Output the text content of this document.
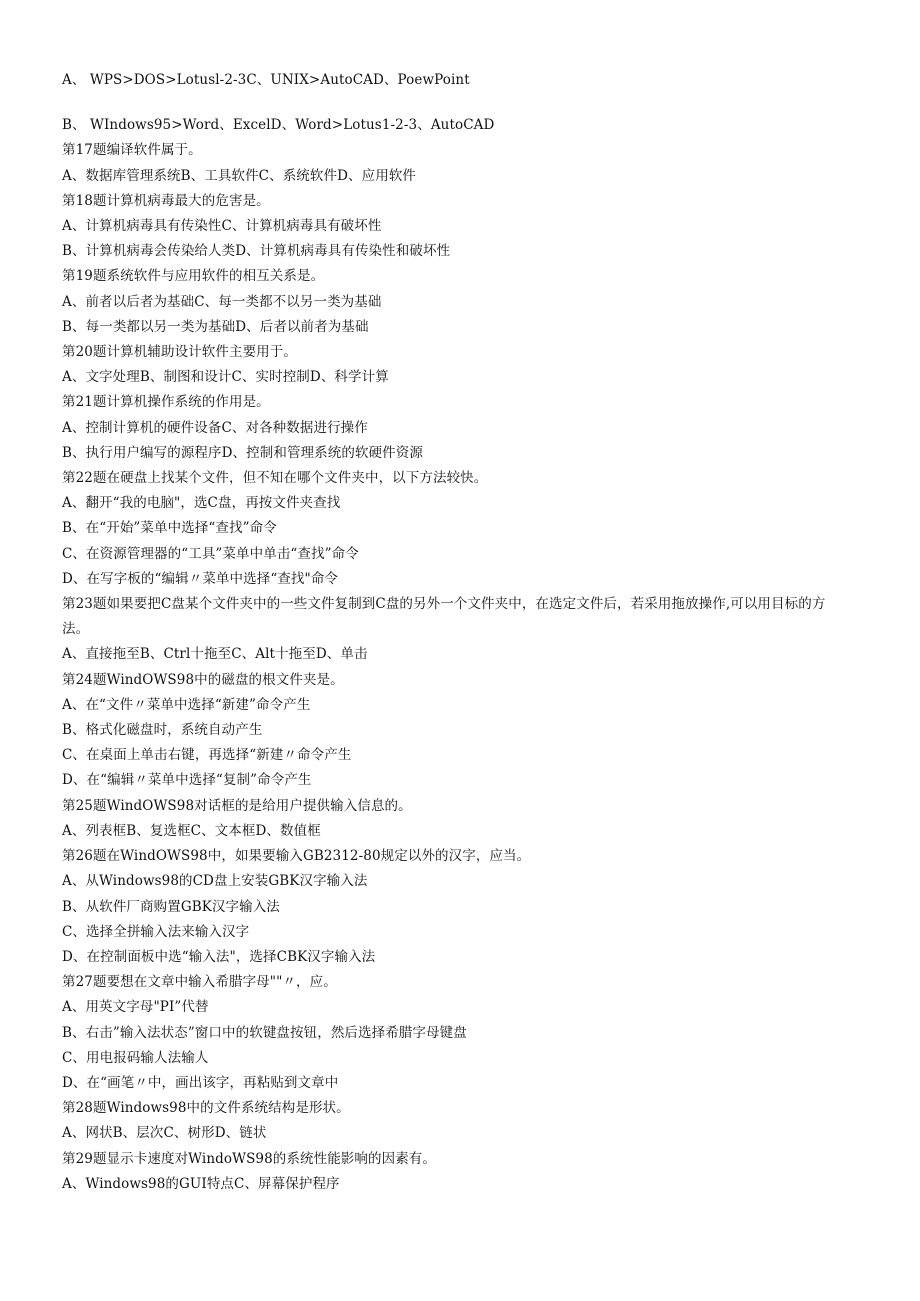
A、 WPS>DOS>Lotusl-2-3C、UNIX>AutoCAD、PoewPoint
B、 WIndows95>Word、ExcelD、Word>Lotus1-2-3、AutoCAD
第17题编译软件属于。
A、数据库管理系统B、工具软件C、系统软件D、应用软件
第18题计算机病毒最大的危害是。
A、计算机病毒具有传染性C、计算机病毒具有破坏性
B、计算机病毒会传染给人类D、计算机病毒具有传染性和破坏性
第19题系统软件与应用软件的相互关系是。
A、前者以后者为基础C、每一类都不以另一类为基础
B、每一类都以另一类为基础D、后者以前者为基础
第20题计算机辅助设计软件主要用于。
A、文字处理B、制图和设计C、实时控制D、科学计算
第21题计算机操作系统的作用是。
A、控制计算机的硬件设备C、对各种数据进行操作
B、执行用户编写的源程序D、控制和管理系统的软硬件资源
第22题在硬盘上找某个文件，但不知在哪个文件夹中，以下方法较快。
A、翻开“我的电脑"，选C盘，再按文件夹查找
B、在“开始”菜单中选择“查找”命令
C、在资源管理器的“工具”菜单中单击“查找”命令
D、在写字板的“编辑〃菜单中选择“查找"命令
第23题如果要把C盘某个文件夹中的一些文件复制到C盘的另外一个文件夹中，在选定文件后，若采用拖放操作,可以用目标的方法。
A、直接拖至B、Ctrl十拖至C、Alt十拖至D、单击
第24题WindOWS98中的磁盘的根文件夹是。
A、在“文件〃菜单中选择“新建”命令产生
B、格式化磁盘时，系统自动产生
C、在桌面上单击右键，再选择“新建〃命令产生
D、在“编辑〃菜单中选择“复制”命令产生
第25题WindOWS98对话框的是给用户提供输入信息的。
A、列表框B、复选框C、文本框D、数值框
第26题在WindOWS98中，如果要输入GB2312-80规定以外的汉字，应当。
A、从Windows98的CD盘上安装GBK汉字输入法
B、从软件厂商购置GBK汉字输入法
C、选择全拼输入法来输入汉字
D、在控制面板中选“输入法"，选择CBK汉字输入法
第27题要想在文章中输入希腊字母""〃，应。
A、用英文字母"PI”代替
B、右击”输入法状态”窗口中的软键盘按钮，然后选择希腊字母键盘
C、用电报码输人法输人
D、在“画笔〃中，画出该字，再粘贴到文章中
第28题Windows98中的文件系统结构是形状。
A、网状B、层次C、树形D、链状
第29题显示卡速度对WindoWS98的系统性能影响的因素有。
A、Windows98的GUI特点C、屏幕保护程序
